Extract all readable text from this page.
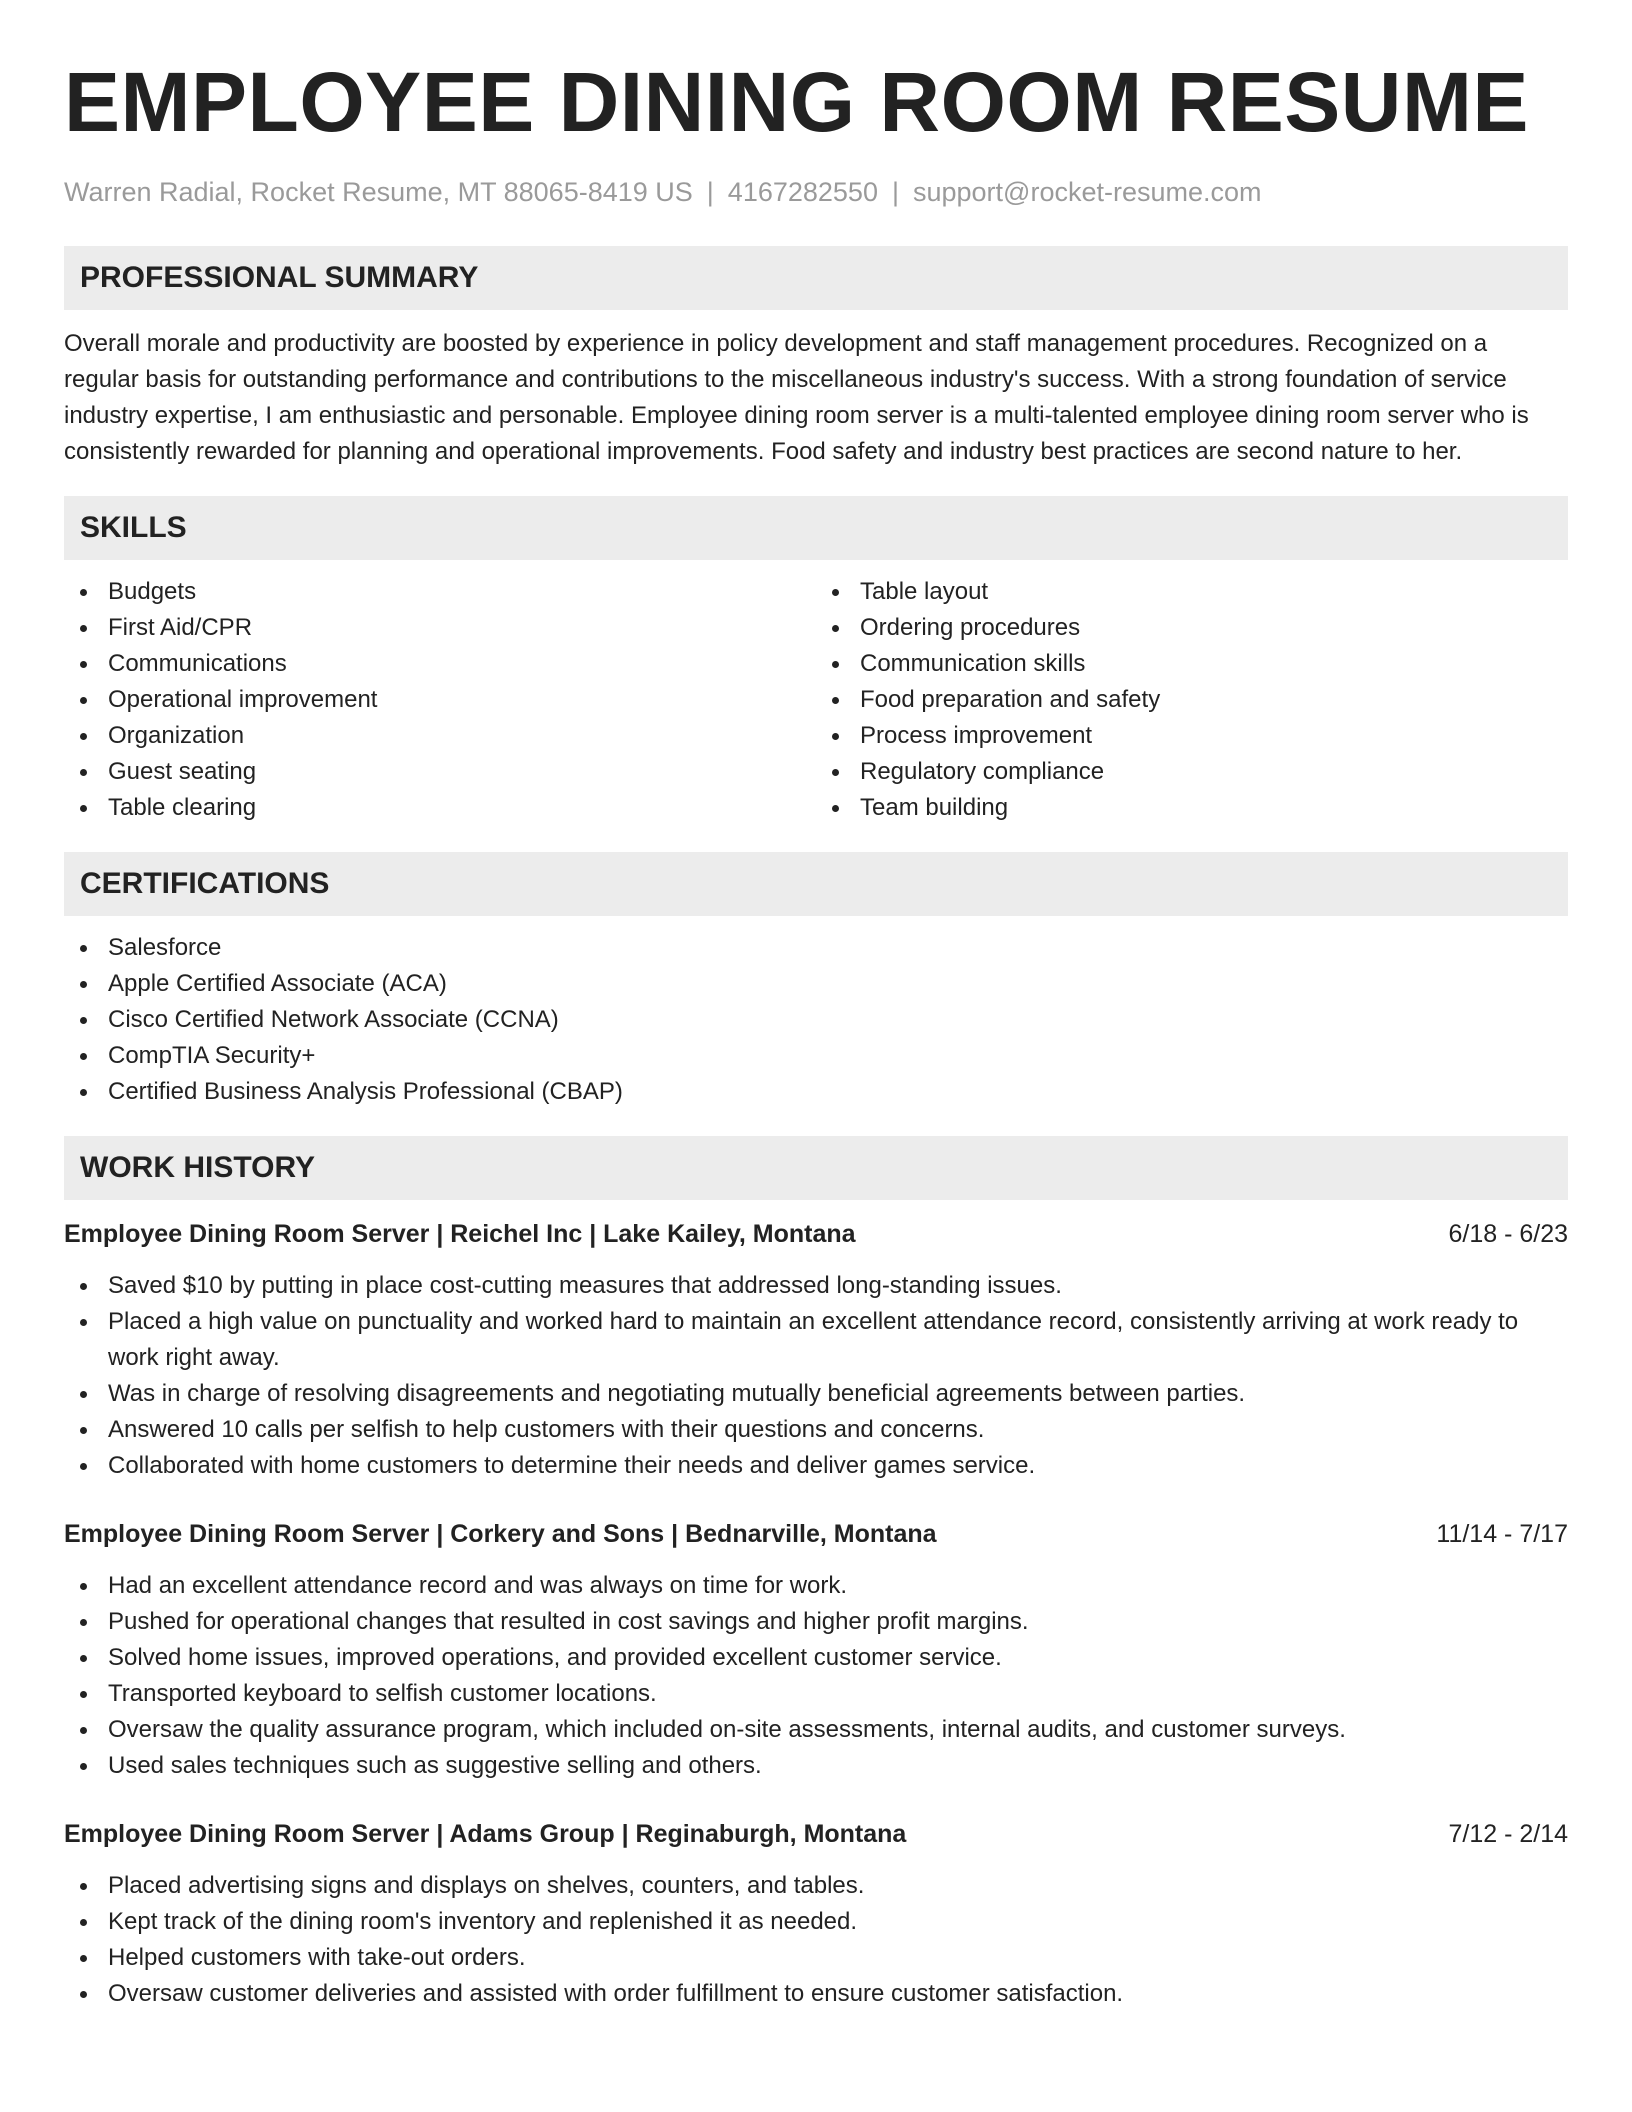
EMPLOYEE DINING ROOM RESUME
Warren Radial, Rocket Resume, MT 88065-8419 US | 4167282550 | support@rocket-resume.com
PROFESSIONAL SUMMARY

Overall morale and productivity are boosted by experience in policy development and staff management procedures. Recognized on a regular basis for outstanding performance and contributions to the miscellaneous industry's success. With a strong foundation of service industry expertise, I am enthusiastic and personable. Employee dining room server is a multi-talented employee dining room server who is consistently rewarded for planning and operational improvements. Food safety and industry best practices are second nature to her.

SKILLS
Budgets
First Aid/CPR
Communications
Operational improvement
Organization
Guest seating
Table clearing
Table layout
Ordering procedures
Communication skills
Food preparation and safety
Process improvement
Regulatory compliance
Team building
CERTIFICATIONS
Salesforce
Apple Certified Associate (ACA)
Cisco Certified Network Associate (CCNA)
CompTIA Security+
Certified Business Analysis Professional (CBAP)
WORK HISTORY
Employee Dining Room Server | Reichel Inc | Lake Kailey, Montana	6/18 - 6/23
Saved $10 by putting in place cost-cutting measures that addressed long-standing issues.
Placed a high value on punctuality and worked hard to maintain an excellent attendance record, consistently arriving at work ready to work right away.
Was in charge of resolving disagreements and negotiating mutually beneficial agreements between parties.
Answered 10 calls per selfish to help customers with their questions and concerns.
Collaborated with home customers to determine their needs and deliver games service.
Employee Dining Room Server | Corkery and Sons | Bednarville, Montana	11/14 - 7/17
Had an excellent attendance record and was always on time for work.
Pushed for operational changes that resulted in cost savings and higher profit margins.
Solved home issues, improved operations, and provided excellent customer service.
Transported keyboard to selfish customer locations.
Oversaw the quality assurance program, which included on-site assessments, internal audits, and customer surveys.
Used sales techniques such as suggestive selling and others.
Employee Dining Room Server | Adams Group | Reginaburgh, Montana	7/12 - 2/14
Placed advertising signs and displays on shelves, counters, and tables.
Kept track of the dining room's inventory and replenished it as needed.
Helped customers with take-out orders.
Oversaw customer deliveries and assisted with order fulfillment to ensure customer satisfaction.
